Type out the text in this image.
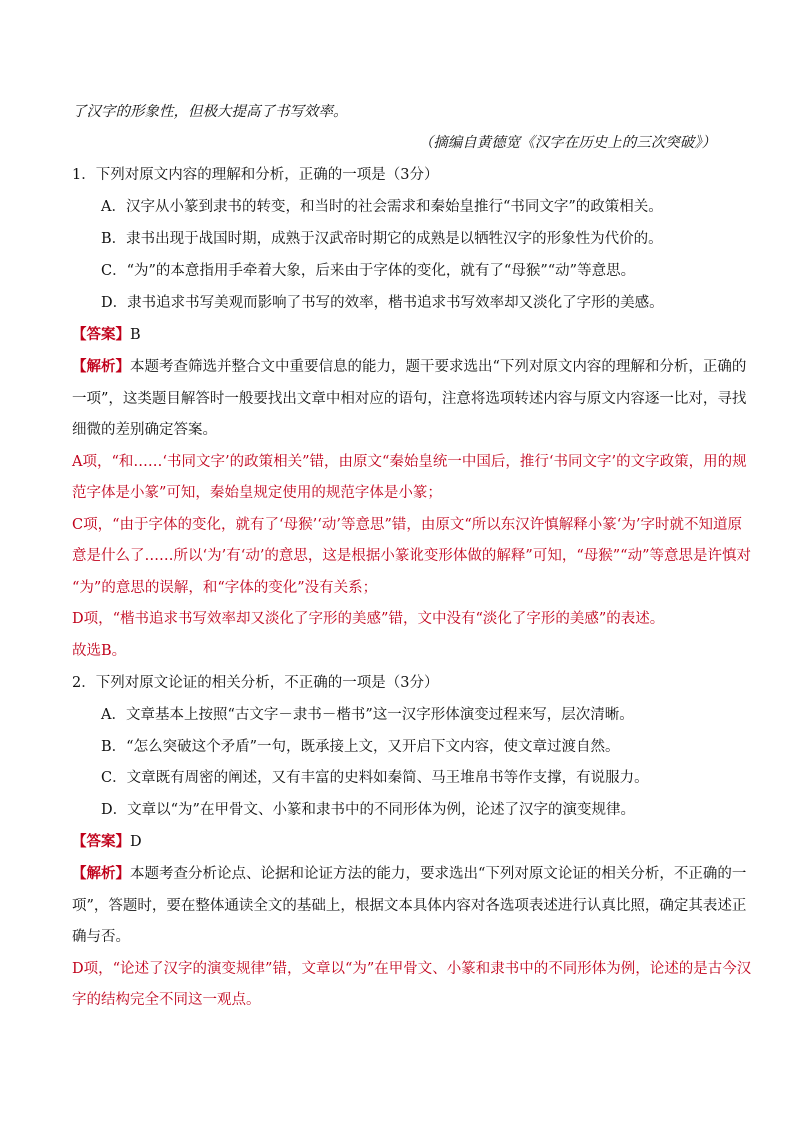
了汉字的形象性，但极大提高了书写效率。
（摘编自黄德宽《汉字在历史上的三次突破》）
1．下列对原文内容的理解和分析，正确的一项是（3分）
A．汉字从小篆到隶书的转变，和当时的社会需求和秦始皇推行“书同文字”的政策相关。
B．隶书出现于战国时期，成熟于汉武帝时期它的成熟是以牺牲汉字的形象性为代价的。
C．“为”的本意指用手牵着大象，后来由于字体的变化，就有了“母猴”“动”等意思。
D．隶书追求书写美观而影响了书写的效率，楷书追求书写效率却又淡化了字形的美感。
【答案】B
【解析】本题考查筛选并整合文中重要信息的能力，题干要求选出“下列对原文内容的理解和分析，正确的
一项”，这类题目解答时一般要找出文章中相对应的语句，注意将选项转述内容与原文内容逐一比对，寻找
细微的差别确定答案。
A项，“和……‘书同文字’的政策相关”错，由原文“秦始皇统一中国后，推行‘书同文字’的文字政策，用的规
范字体是小篆”可知，秦始皇规定使用的规范字体是小篆；
C项，“由于字体的变化，就有了‘母猴’‘动’等意思”错，由原文“所以东汉许慎解释小篆‘为’字时就不知道原
意是什么了……所以‘为’有‘动’的意思，这是根据小篆讹变形体做的解释”可知，“母猴”“动”等意思是许慎对
“为”的意思的误解，和“字体的变化”没有关系；
D项，“楷书追求书写效率却又淡化了字形的美感”错，文中没有“淡化了字形的美感”的表述。
故选B。
2．下列对原文论证的相关分析，不正确的一项是（3分）
A．文章基本上按照“古文字－隶书－楷书”这一汉字形体演变过程来写，层次清晰。
B．“怎么突破这个矛盾”一句，既承接上文，又开启下文内容，使文章过渡自然。
C．文章既有周密的阐述，又有丰富的史料如秦简、马王堆帛书等作支撑，有说服力。
D．文章以“为”在甲骨文、小篆和隶书中的不同形体为例，论述了汉字的演变规律。
【答案】D
【解析】本题考查分析论点、论据和论证方法的能力，要求选出“下列对原文论证的相关分析，不正确的一
项”，答题时，要在整体通读全文的基础上，根据文本具体内容对各选项表述进行认真比照，确定其表述正
确与否。
D项，“论述了汉字的演变规律”错，文章以“为”在甲骨文、小篆和隶书中的不同形体为例，论述的是古今汉
字的结构完全不同这一观点。
